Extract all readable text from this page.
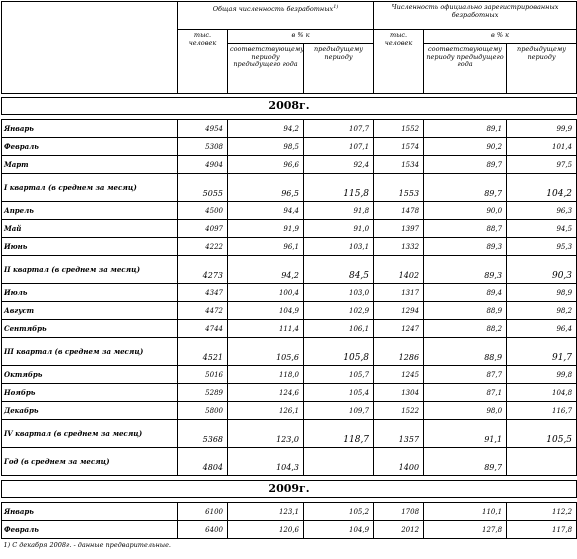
	Общая численность безработных$^{1)}$			Численность официально зарегистрированных безработных		
	тыс. человек	в % к		тыс. человек	в % к	
		соответствующему периоду предыдущего года	предыдущему периоду		соответствующему периоду предыдущего года	предыдущему периоду

2008г.						

Январь	4954	94,2	107,7	1552	89,1	99,9
Февраль	5308	98,5	107,1	1574	90,2	101,4
Март	4904	96,6	92,4	1534	89,7	97,5
I квартал (в среднем за месяц)	5055	96,5	115,8	1553	89,7	104,2
Апрель	4500	94,4	91,8	1478	90,0	96,3
Май	4097	91,9	91,0	1397	88,7	94,5
Июнь	4222	96,1	103,1	1332	89,3	95,3
II квартал (в среднем за месяц)	4273	94,2	84,5	1402	89,3	90,3
Июль	4347	100,4	103,0	1317	89,4	98,9
Август	4472	104,9	102,9	1294	88,9	98,2
Сентябрь	4744	111,4	106,1	1247	88,2	96,4
III квартал (в среднем за месяц)	4521	105,6	105,8	1286	88,9	91,7
Октябрь	5016	118,0	105,7	1245	87,7	99,8
Ноябрь	5289	124,6	105,4	1304	87,1	104,8
Декабрь	5800	126,1	109,7	1522	98,0	116,7
IV квартал (в среднем за месяц)	5368	123,0	118,7	1357	91,1	105,5
Год (в среднем за месяц)	4804	104,3		1400	89,7	

2009г.						

Январь	6100	123,1	105,2	1708	110,1	112,2
Февраль	6400	120,6	104,9	2012	127,8	117,8
1) С декабря 2008г. - данные предварительные.						
